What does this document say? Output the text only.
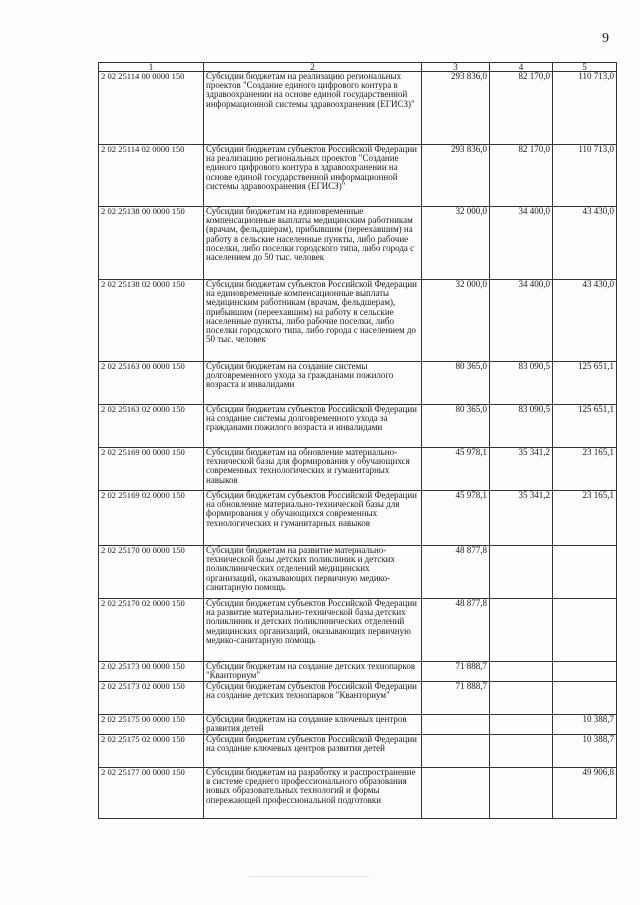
9
1	2	3	4	5
2 02 25114 00 0000 150	Субсидии бюджетам на реализацию региональных проектов "Создание единого цифрового контура в здравоохранении на основе единой государственной информационной системы здравоохранения (ЕГИСЗ)"	293 836,0	82 170,0	110 713,0
2 02 25114 02 0000 150	Субсидии бюджетам субъектов Российской Федерации на реализацию региональных проектов "Создание единого цифрового контура в здравоохранении на основе единой государственной информационной системы здравоохранения (ЕГИСЗ)"	293 836,0	82 170,0	110 713,0
2 02 25138 00 0000 150	Субсидии бюджетам на единовременные компенсационные выплаты медицинским работникам (врачам, фельдшерам), прибывшим (переехавшим) на работу в сельские населенные пункты, либо рабочие поселки, либо поселки городского типа, либо города с населением до 50 тыс. человек	32 000,0	34 400,0	43 430,0
2 02 25138 02 0000 150	Субсидии бюджетам субъектов Российской Федерации на единовременные компенсационные выплаты медицинским работникам (врачам, фельдшерам), прибывшим (переехавшим) на работу в сельские населенные пункты, либо рабочие поселки, либо поселки городского типа, либо города с населением до 50 тыс. человек	32 000,0	34 400,0	43 430,0
2 02 25163 00 0000 150	Субсидии бюджетам на создание системы долговременного ухода за гражданами пожилого возраста и инвалидами	80 365,0	83 090,5	125 651,1
2 02 25163 02 0000 150	Субсидии бюджетам субъектов Российской Федерации на создание системы долговременного ухода за гражданами пожилого возраста и инвалидами	80 365,0	83 090,5	125 651,1
2 02 25169 00 0000 150	Субсидии бюджетам на обновление материально-технической базы для формирования у обучающихся современных технологических и гуманитарных навыков	45 978,1	35 341,2	23 165,1
2 02 25169 02 0000 150	Субсидии бюджетам субъектов Российской Федерации на обновление материально-технической базы для формирования у обучающихся современных технологических и гуманитарных навыков	45 978,1	35 341,2	23 165,1
2 02 25170 00 0000 150	Субсидии бюджетам на развитие материально-технической базы детских поликлиник и детских поликлинических отделений медицинских организаций, оказывающих первичную медико-санитарную помощь	48 877,8		
2 02 25170 02 0000 150	Субсидии бюджетам субъектов Российской Федерации на развитие материально-технической базы детских поликлиник и детских поликлинических отделений медицинских организаций, оказывающих первичную медико-санитарную помощь	48 877,8		
2 02 25173 00 0000 150	Субсидии бюджетам на создание детских технопарков "Кванториум"	71 888,7		
2 02 25173 02 0000 150	Субсидии бюджетам субъектов Российской Федерации на создание детских технопарков "Кванториум"	71 888,7		
2 02 25175 00 0000 150	Субсидии бюджетам на создание ключевых центров развития детей			10 388,7
2 02 25175 02 0000 150	Субсидии бюджетам субъектов Российской Федерации на создание ключевых центров развития детей			10 388,7
2 02 25177 00 0000 150	Субсидии бюджетам на разработку и распространение в системе среднего профессионального образования новых образовательных технологий и формы опережающей профессиональной подготовки			49 906,8
